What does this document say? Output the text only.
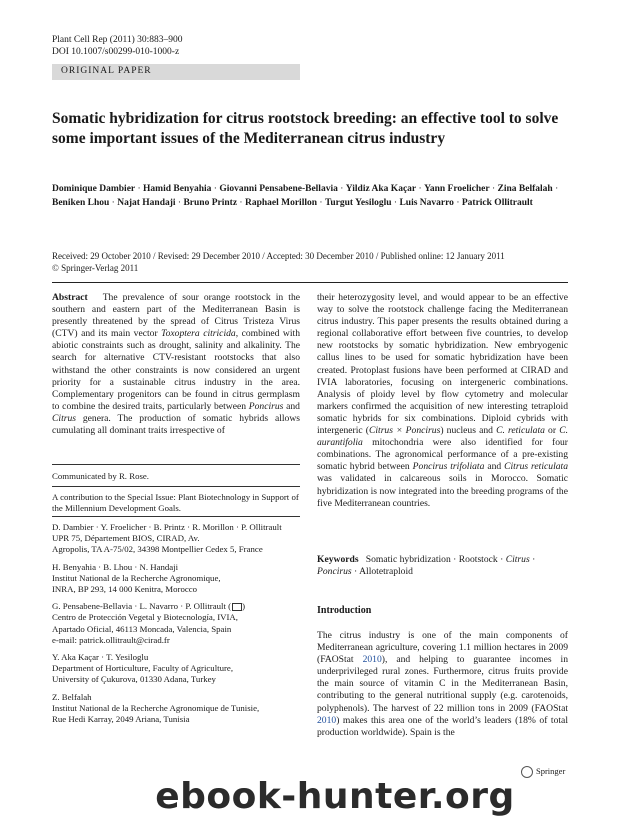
Plant Cell Rep (2011) 30:883–900
DOI 10.1007/s00299-010-1000-z
ORIGINAL PAPER
Somatic hybridization for citrus rootstock breeding: an effective tool to solve some important issues of the Mediterranean citrus industry
Dominique Dambier · Hamid Benyahia · Giovanni Pensabene-Bellavia · Yildiz Aka Kaçar · Yann Froelicher · Zina Belfalah · Beniken Lhou · Najat Handaji · Bruno Printz · Raphael Morillon · Turgut Yesiloglu · Luis Navarro · Patrick Ollitrault
Received: 29 October 2010 / Revised: 29 December 2010 / Accepted: 30 December 2010 / Published online: 12 January 2011
© Springer-Verlag 2011

Abstract The prevalence of sour orange rootstock in the southern and eastern part of the Mediterranean Basin is presently threatened by the spread of Citrus Tristeza Virus (CTV) and its main vector Toxoptera citricida, combined with abiotic constraints such as drought, salinity and alkalinity. The search for alternative CTV-resistant rootstocks that also withstand the other constraints is now considered an urgent priority for a sustainable citrus industry in the area. Complementary progenitors can be found in citrus germplasm to combine the desired traits, particularly between Poncirus and Citrus genera. The production of somatic hybrids allows cumulating all dominant traits irrespective of

Communicated by R. Rose.
A contribution to the Special Issue: Plant Biotechnology in Support of the Millennium Development Goals.

D. Dambier · Y. Froelicher · B. Printz · R. Morillon · P. Ollitrault
UPR 75, Département BIOS, CIRAD, Av.
Agropolis, TA A-75/02, 34398 Montpellier Cedex 5, France

H. Benyahia · B. Lhou · N. Handaji
Institut National de la Recherche Agronomique,
INRA, BP 293, 14 000 Kenitra, Morocco

G. Pensabene-Bellavia · L. Navarro · P. Ollitrault ( )
Centro de Protección Vegetal y Biotecnología, IVIA,
Apartado Oficial, 46113 Moncada, Valencia, Spain
e-mail: patrick.ollitrault@cirad.fr

Y. Aka Kaçar · T. Yesiloglu
Department of Horticulture, Faculty of Agriculture,
University of Çukurova, 01330 Adana, Turkey

Z. Belfalah
Institut National de la Recherche Agronomique de Tunisie,
Rue Hedi Karray, 2049 Ariana, Tunisia

their heterozygosity level, and would appear to be an effective way to solve the rootstock challenge facing the Mediterranean citrus industry. This paper presents the results obtained during a regional collaborative effort between five countries, to develop new rootstocks by somatic hybridization. New embryogenic callus lines to be used for somatic hybridization have been created. Protoplast fusions have been performed at CIRAD and IVIA laboratories, focusing on intergeneric combinations. Analysis of ploidy level by flow cytometry and molecular markers confirmed the acquisition of new interesting tetraploid somatic hybrids for six combinations. Diploid cybrids with intergeneric (Citrus × Poncirus) nucleus and C. reticulata or C. aurantifolia mitochondria were also identified for four combinations. The agronomical performance of a pre-existing somatic hybrid between Poncirus trifoliata and Citrus reticulata was validated in calcareous soils in Morocco. Somatic hybridization is now integrated into the breeding programs of the five Mediterranean countries.

Keywords Somatic hybridization · Rootstock · Citrus · Poncirus · Allotetraploid
Introduction

The citrus industry is one of the main components of Mediterranean agriculture, covering 1.1 million hectares in 2009 (FAOStat 2010), and helping to guarantee incomes in underprivileged rural zones. Furthermore, citrus fruits provide the main source of vitamin C in the Mediterranean Basin, contributing to the general nutritional supply (e.g. carotenoids, polyphenols). The harvest of 22 million tons in 2009 (FAOStat 2010) makes this area one of the world’s leaders (18% of total production worldwide). Spain is the

Springer
ebook-hunter.org
